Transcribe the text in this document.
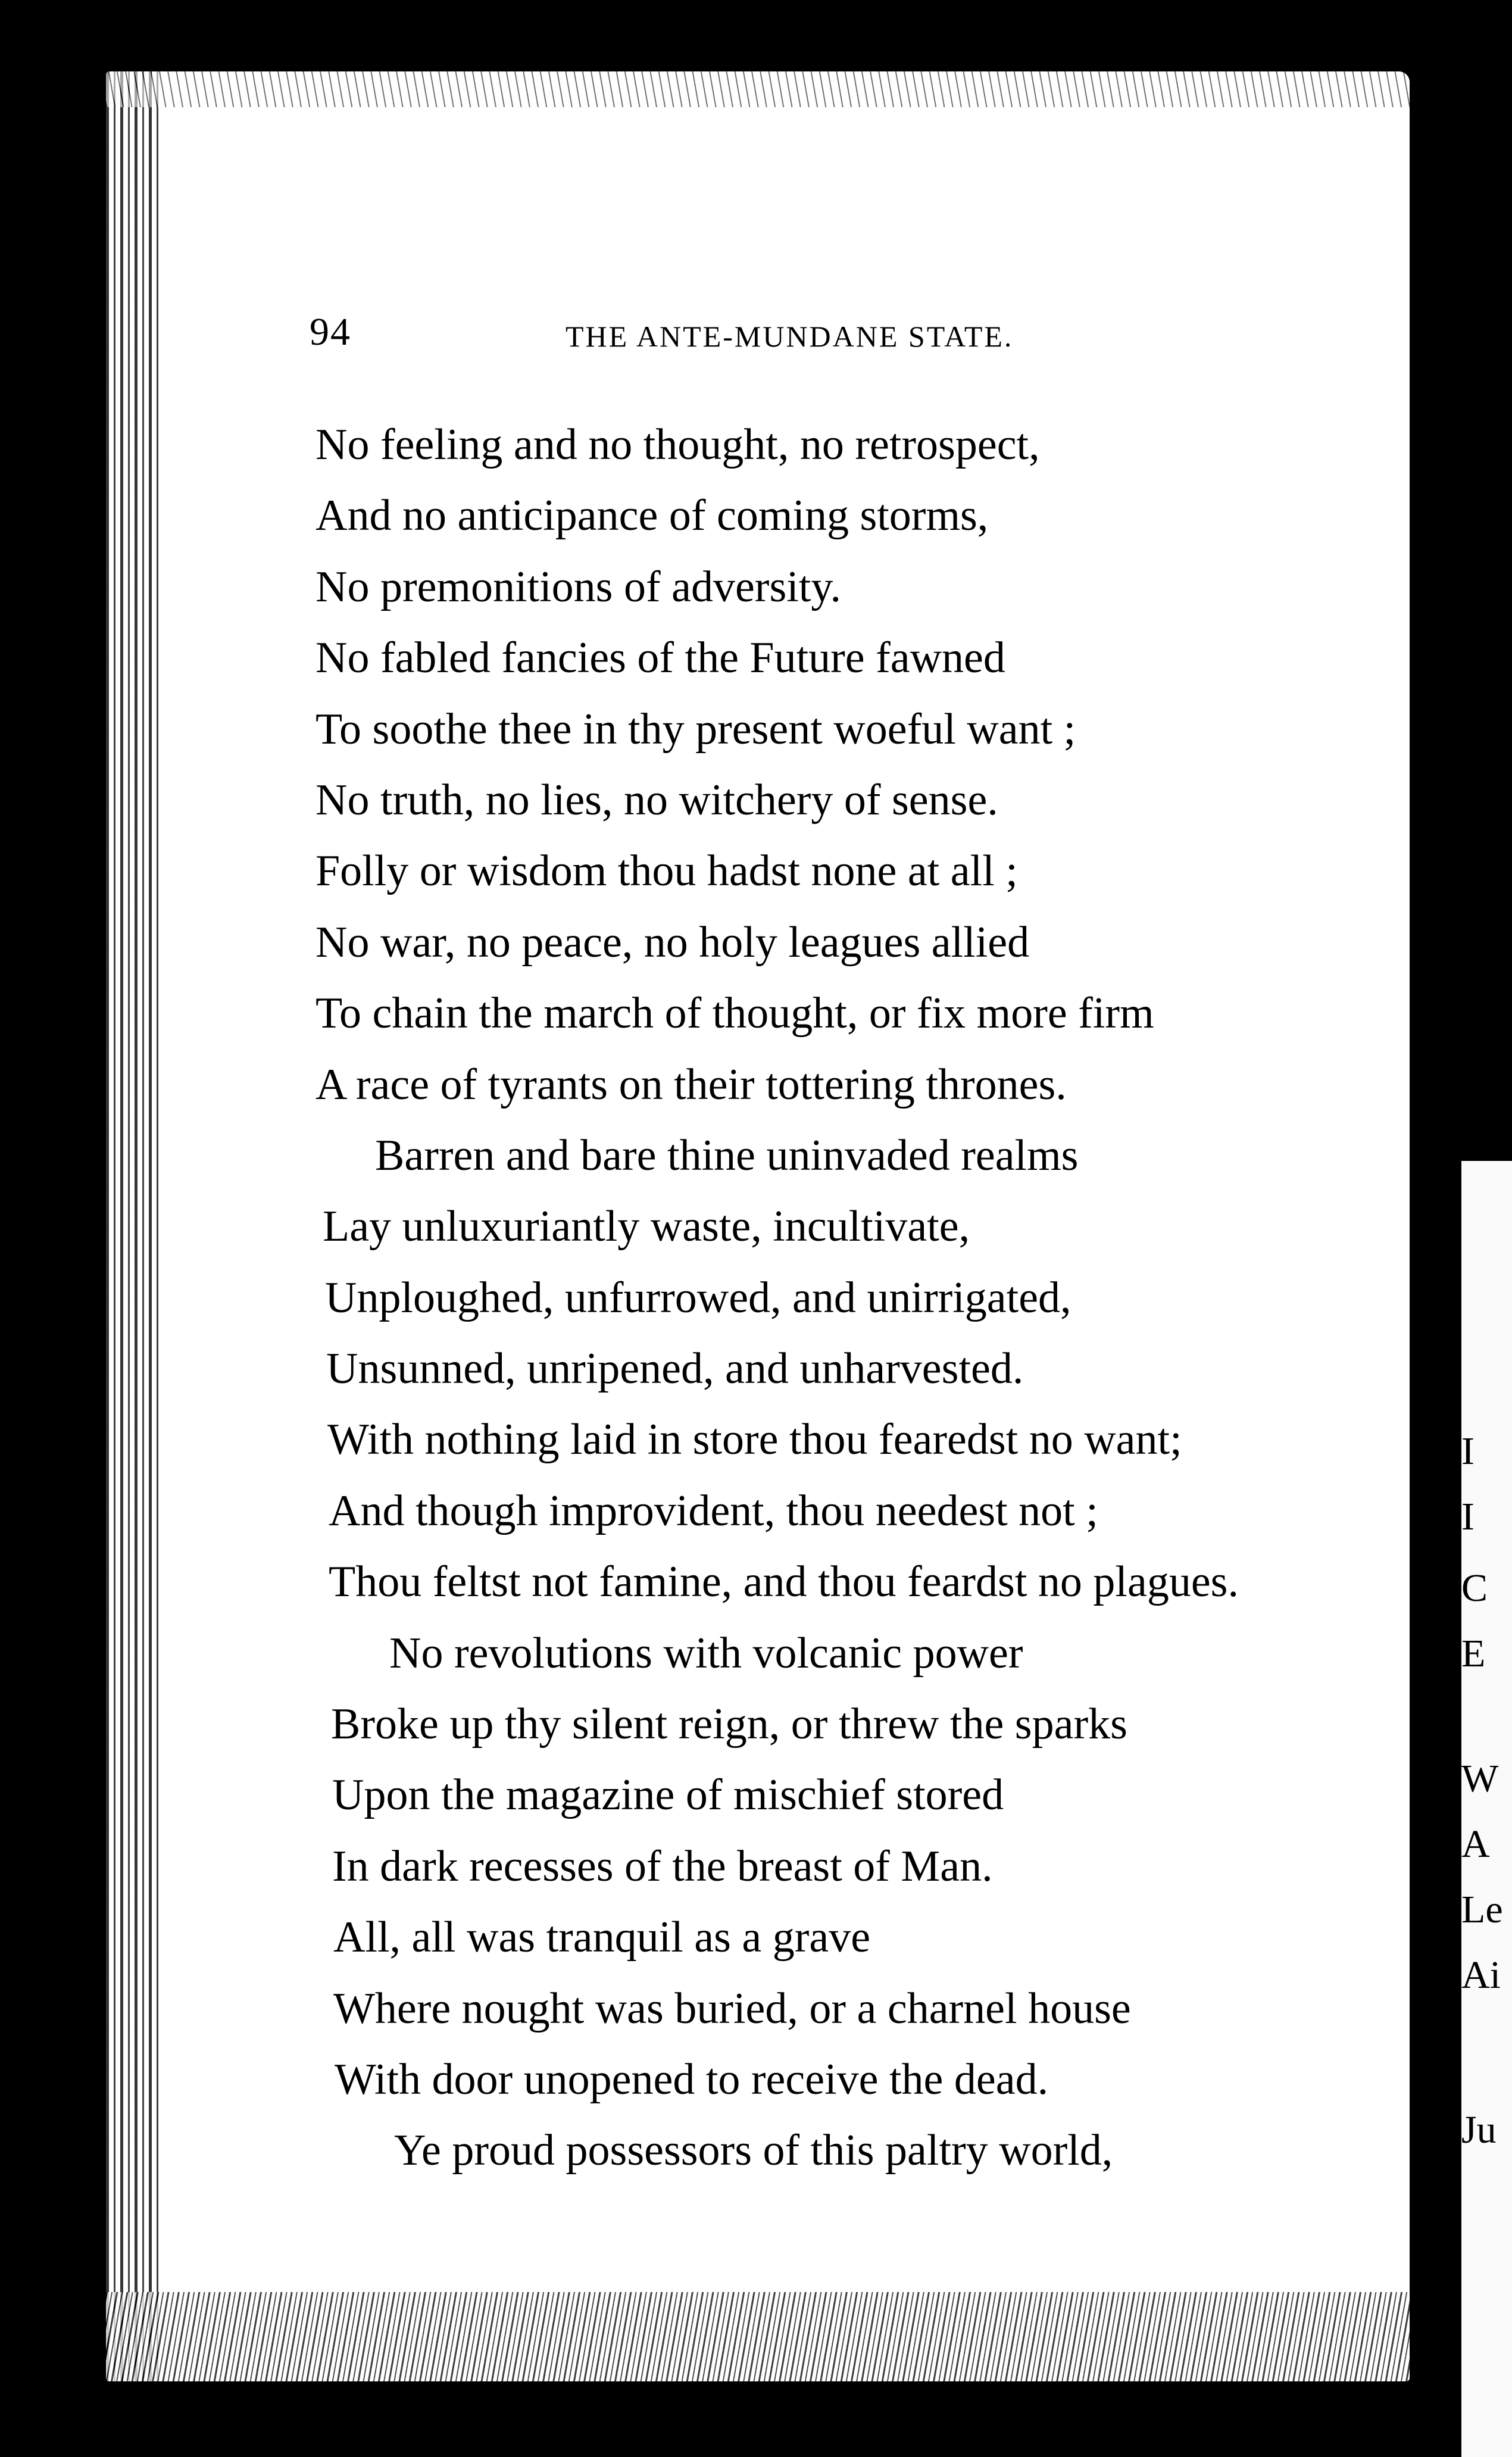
I
I
C
E
W
A
Le
Ai
Ju
94	THE ANTE-MUNDANE STATE.
No feeling and no thought, no retrospect,
And no anticipance of coming storms,
No premonitions of adversity.
No fabled fancies of the Future fawned
To soothe thee in thy present woeful want ;
No truth, no lies, no witchery of sense.
Folly or wisdom thou hadst none at all ;
No war, no peace, no holy leagues allied
To chain the march of thought, or fix more firm
A race of tyrants on their tottering thrones.
Barren and bare thine uninvaded realms
Lay unluxuriantly waste, incultivate,
Unploughed, unfurrowed, and unirrigated,
Unsunned, unripened, and unharvested.
With nothing laid in store thou fearedst no want;
And though improvident, thou needest not ;
Thou feltst not famine, and thou feardst no plagues.
No revolutions with volcanic power
Broke up thy silent reign, or threw the sparks
Upon the magazine of mischief stored
In dark recesses of the breast of Man.
All, all was tranquil as a grave
Where nought was buried, or a charnel house
With door unopened to receive the dead.
Ye proud possessors of this paltry world,
